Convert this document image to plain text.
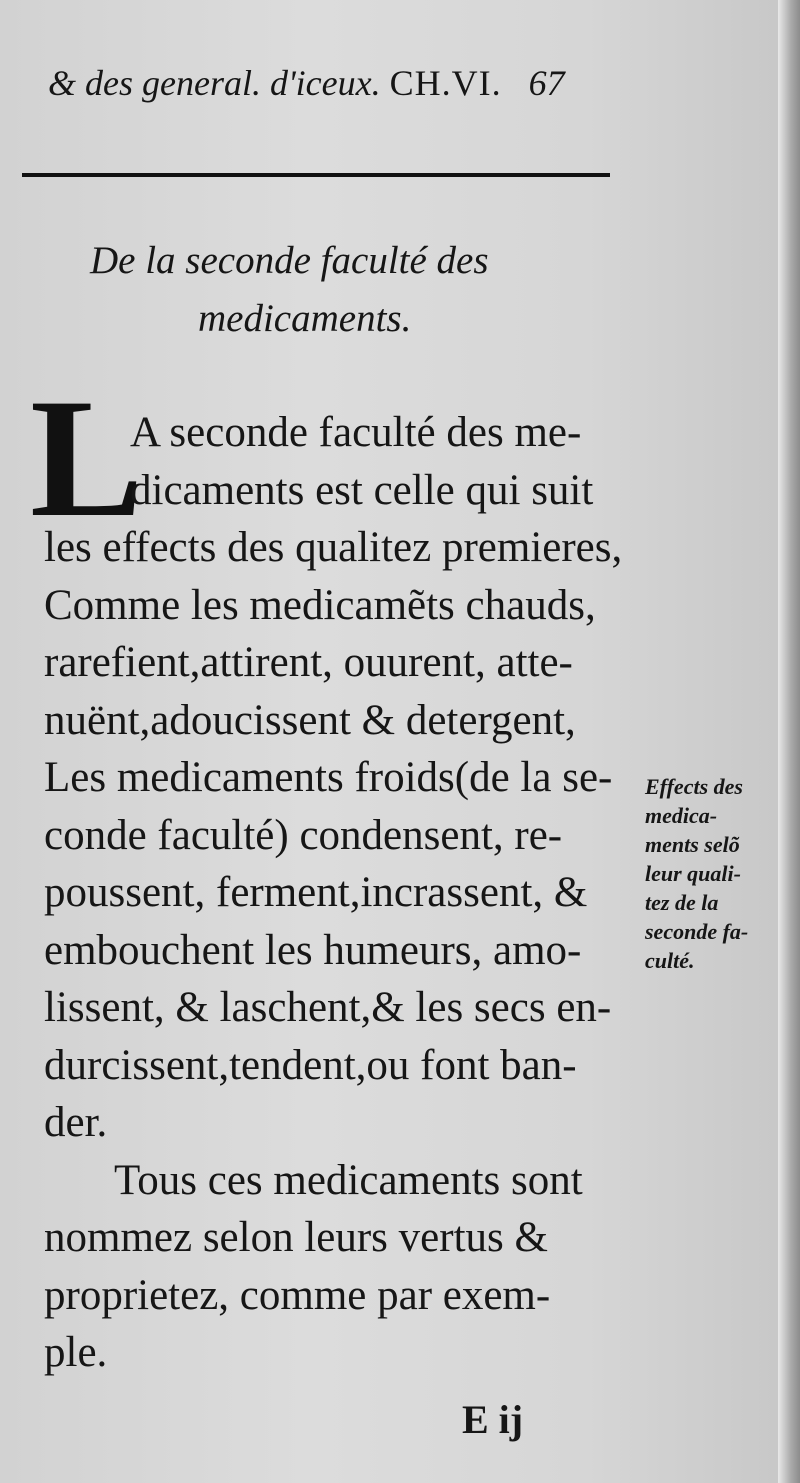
& des general. d'iceux. CH.VI. 67
De la seconde faculté des
medicaments.
L
A seconde faculté des me-
dicaments est celle qui suit
les effects des qualitez premieres,
Comme les medicamẽts chauds,
rarefient,attirent, ouurent, atte-
nuënt,adoucissent & detergent,
Les medicaments froids(de la se-
conde faculté) condensent, re-
poussent, ferment,incrassent, &
embouchent les humeurs, amo-
lissent, & laschent,& les secs en-
durcissent,tendent,ou font ban-
der.
Tous ces medicaments sont
nommez selon leurs vertus &
proprietez, comme par exem-
ple.
Effects des
medica-
ments selõ
leur quali-
tez de la
seconde fa-
culté.
E ij
